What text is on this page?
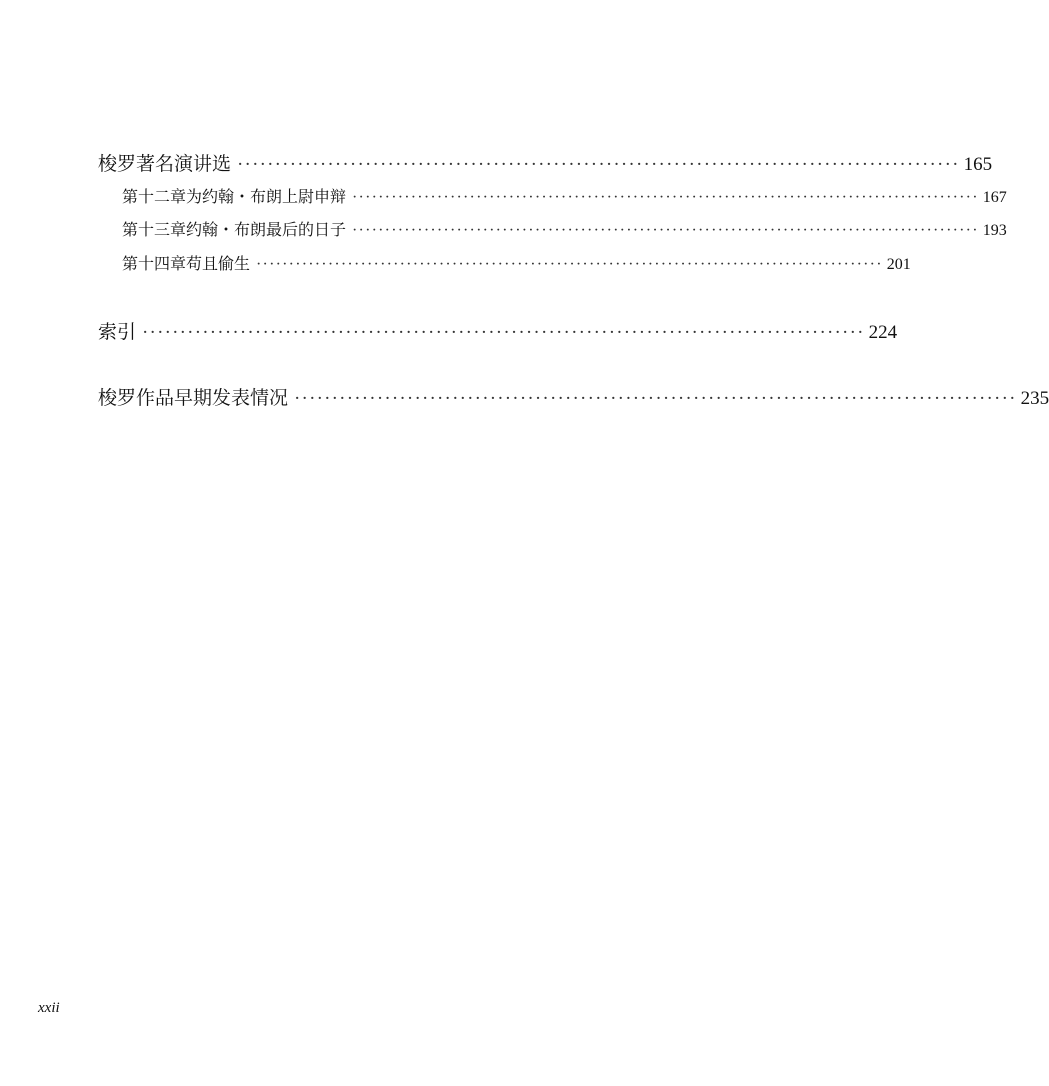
梭罗著名演讲选 ································································································ 165
第十二章 为约翰・布朗上尉申辩 ································································································ 167
第十三章 约翰・布朗最后的日子 ································································································ 193
第十四章 苟且偷生 ································································································ 201
索引 ································································································ 224
梭罗作品早期发表情况 ································································································ 235
xxii
